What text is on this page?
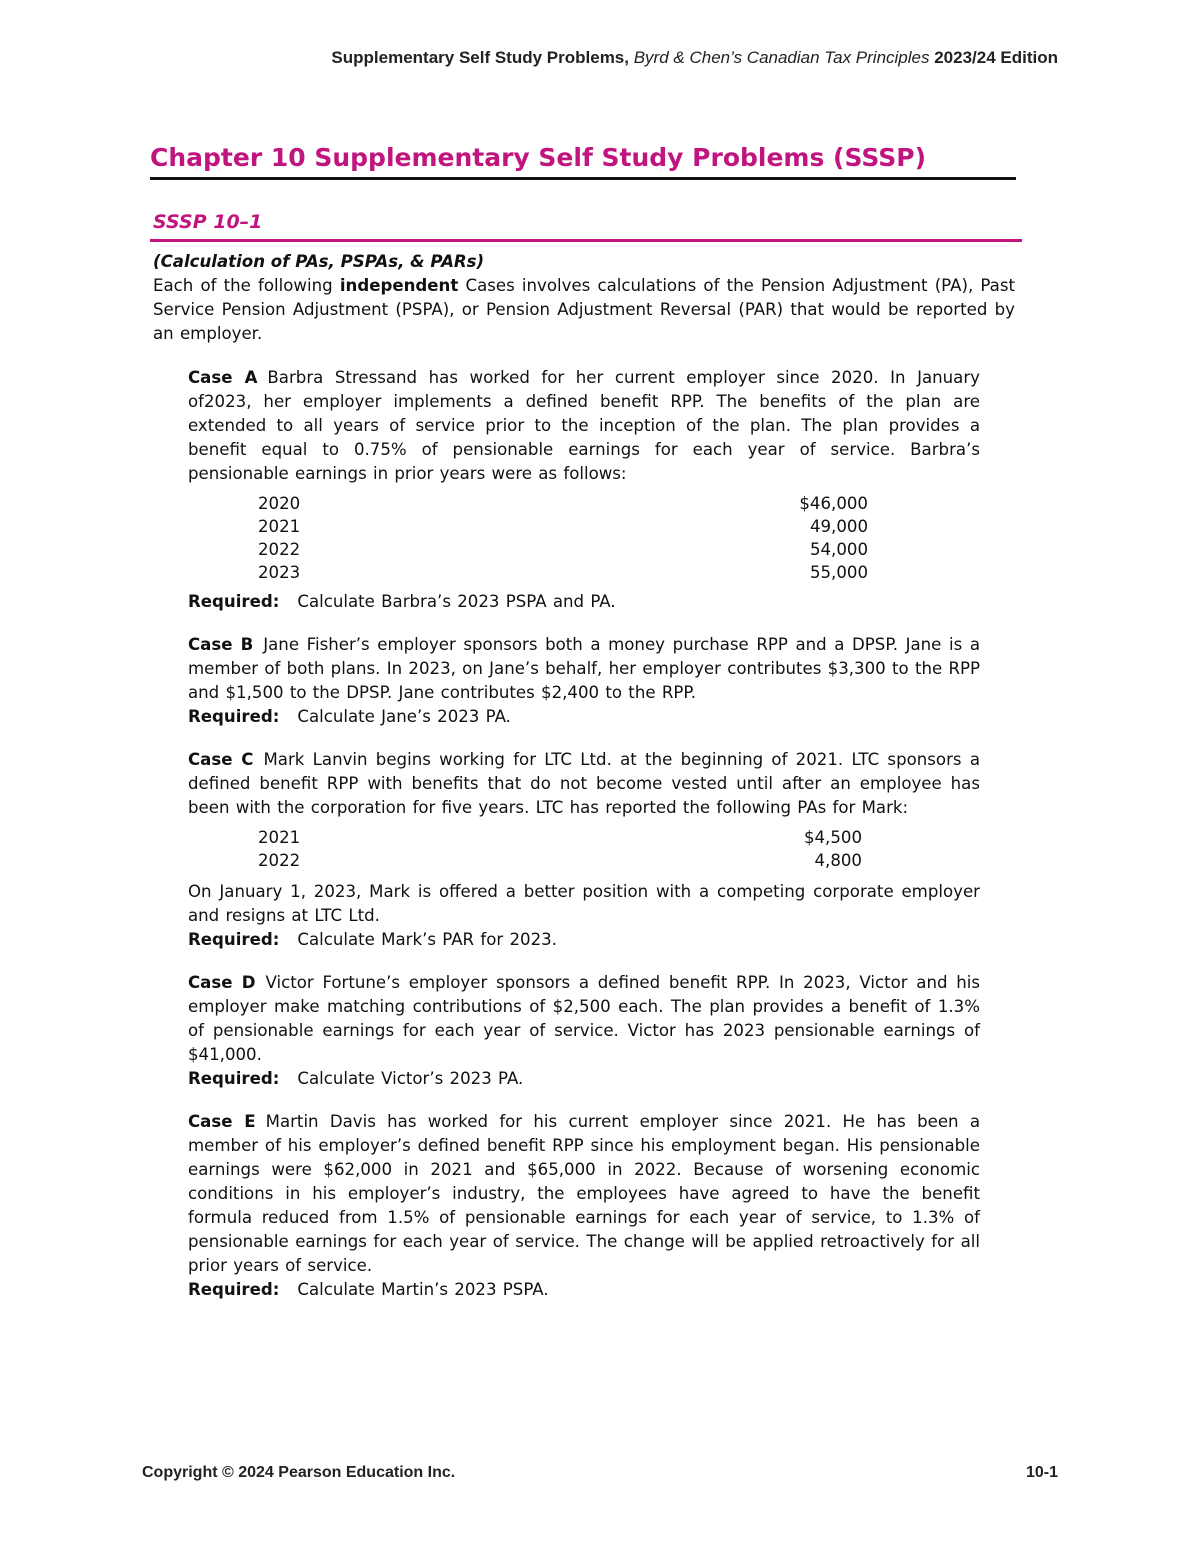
Supplementary Self Study Problems, Byrd & Chen’s Canadian Tax Principles 2023/24 Edition
Chapter 10 Supplementary Self Study Problems (SSSP)
SSSP 10–1

(Calculation of PAs, PSPAs, & PARs)

Each of the following independent Cases involves calculations of the Pension Adjustment (PA), Past Service Pension Adjustment (PSPA), or Pension Adjustment Reversal (PAR) that would be reported by an employer.

Case A Barbra Stressand has worked for her current employer since 2020. In January of2023, her employer implements a defined benefit RPP. The benefits of the plan are extended to all years of service prior to the inception of the plan. The plan provides a benefit equal to 0.75% of pensionable earnings for each year of service. Barbra’s pensionable earnings in prior years were as follows:

2020	$46,000
2021	49,000
2022	54,000
2023	55,000

Required: Calculate Barbra’s 2023 PSPA and PA.

Case B Jane Fisher’s employer sponsors both a money purchase RPP and a DPSP. Jane is a member of both plans. In 2023, on Jane’s behalf, her employer contributes $3,300 to the RPP and $1,500 to the DPSP. Jane contributes $2,400 to the RPP.

Required: Calculate Jane’s 2023 PA.

Case C Mark Lanvin begins working for LTC Ltd. at the beginning of 2021. LTC sponsors a defined benefit RPP with benefits that do not become vested until after an employee has been with the corporation for five years. LTC has reported the following PAs for Mark:

2021	$4,500
2022	4,800

On January 1, 2023, Mark is offered a better position with a competing corporate employer and resigns at LTC Ltd.

Required: Calculate Mark’s PAR for 2023.

Case D Victor Fortune’s employer sponsors a defined benefit RPP. In 2023, Victor and his employer make matching contributions of $2,500 each. The plan provides a benefit of 1.3% of pensionable earnings for each year of service. Victor has 2023 pensionable earnings of $41,000.

Required: Calculate Victor’s 2023 PA.

Case E Martin Davis has worked for his current employer since 2021. He has been a member of his employer’s defined benefit RPP since his employment began. His pensionable earnings were $62,000 in 2021 and $65,000 in 2022. Because of worsening economic conditions in his employer’s industry, the employees have agreed to have the benefit formula reduced from 1.5% of pensionable earnings for each year of service, to 1.3% of pensionable earnings for each year of service. The change will be applied retroactively for all prior years of service.

Required: Calculate Martin’s 2023 PSPA.

Copyright © 2024 Pearson Education Inc.	10-1
